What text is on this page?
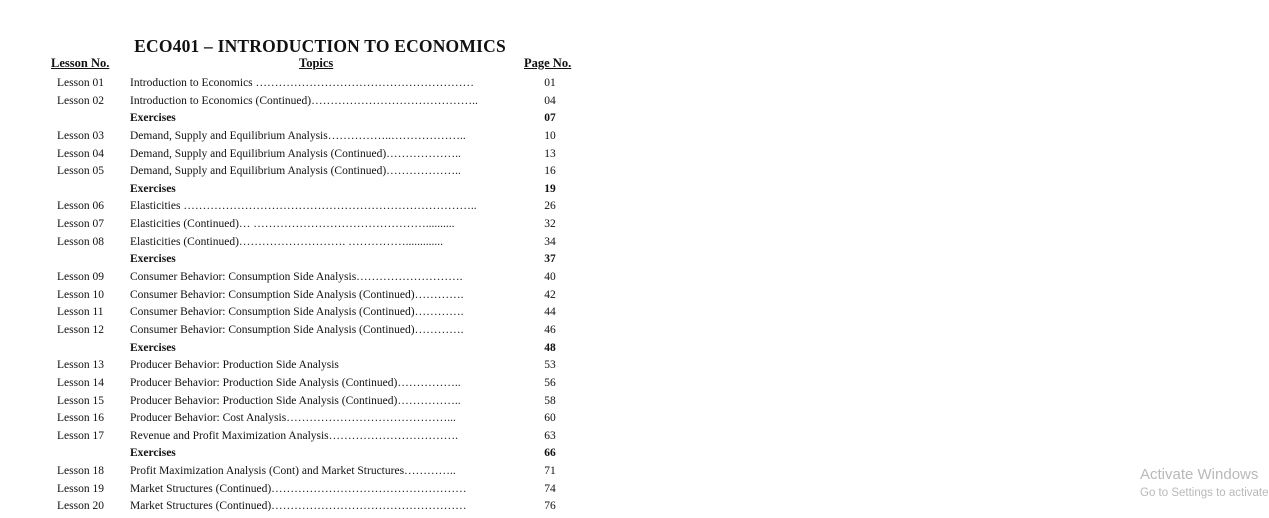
ECO401 – INTRODUCTION TO ECONOMICS
Lesson No.	Topics	Page No.
Lesson 01 Introduction to Economics …………………………………………………	01
Lesson 02 Introduction to Economics (Continued)……………………………………..	04
Exercises	07
Lesson 03 Demand, Supply and Equilibrium Analysis……………..………………..	10
Lesson 04 Demand, Supply and Equilibrium Analysis (Continued)………………..	13
Lesson 05 Demand, Supply and Equilibrium Analysis (Continued)………………..	16
Exercises	19
Lesson 06 Elasticities …………………………………………………………………..	26
Lesson 07 Elasticities (Continued)… ………………………………………..........	32
Lesson 08 Elasticities (Continued)………………………. …………….............	34
Exercises	37
Lesson 09 Consumer Behavior: Consumption Side Analysis……………………….	40
Lesson 10 Consumer Behavior: Consumption Side Analysis (Continued)………….	42
Lesson 11 Consumer Behavior: Consumption Side Analysis (Continued)………….	44
Lesson 12 Consumer Behavior: Consumption Side Analysis (Continued)………….	46
Exercises	48
Lesson 13 Producer Behavior: Production Side Analysis	53
Lesson 14 Producer Behavior: Production Side Analysis (Continued)……………..	56
Lesson 15 Producer Behavior: Production Side Analysis (Continued)……………..	58
Lesson 16 Producer Behavior: Cost Analysis……………………………………...	60
Lesson 17 Revenue and Profit Maximization Analysis…………………………….	63
Exercises	66
Lesson 18 Profit Maximization Analysis (Cont) and Market Structures…………..	71
Lesson 19 Market Structures (Continued)……………………………………………	74
Lesson 20 Market Structures (Continued)……………………………………………	76
Activate Windows
Go to Settings to activate
